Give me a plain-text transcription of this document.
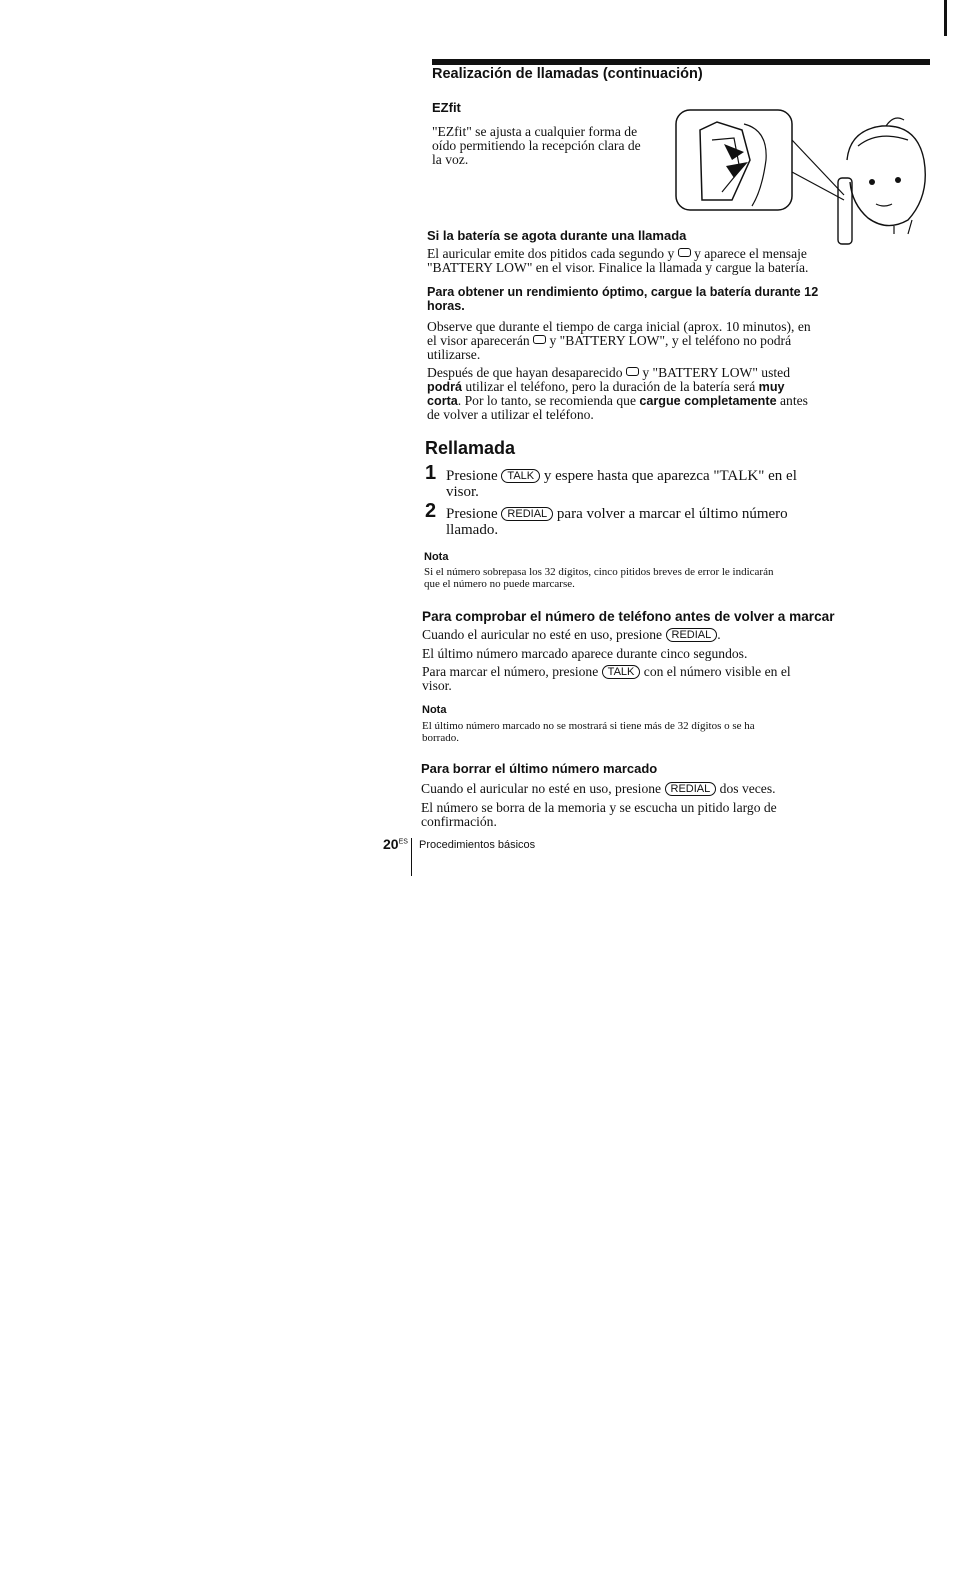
Realización de llamadas (continuación)
EZfit
"EZfit" se ajusta a cualquier forma de
oído permitiendo la recepción clara de
la voz.
Si la batería se agota durante una llamada
El auricular emite dos pitidos cada segundo y y aparece el mensaje
"BATTERY LOW" en el visor. Finalice la llamada y cargue la batería.
Para obtener un rendimiento óptimo, cargue la batería durante 12
horas.
Observe que durante el tiempo de carga inicial (aprox. 10 minutos), en
el visor aparecerán y "BATTERY LOW", y el teléfono no podrá
utilizarse.
Después de que hayan desaparecido y "BATTERY LOW" usted
podrá utilizar el teléfono, pero la duración de la batería será muy
corta. Por lo tanto, se recomienda que cargue completamente antes
de volver a utilizar el teléfono.
Rellamada
1 Presione TALK y espere hasta que aparezca "TALK" en el
visor.
2 Presione REDIAL para volver a marcar el último número
llamado.
Nota
Si el número sobrepasa los 32 dígitos, cinco pitidos breves de error le indicarán
que el número no puede marcarse.
Para comprobar el número de teléfono antes de volver a marcar
Cuando el auricular no esté en uso, presione REDIAL .
El último número marcado aparece durante cinco segundos.
Para marcar el número, presione TALK con el número visible en el
visor.
Nota
El último número marcado no se mostrará si tiene más de 32 dígitos o se ha
borrado.
Para borrar el último número marcado
Cuando el auricular no esté en uso, presione REDIAL dos veces.
El número se borra de la memoria y se escucha un pitido largo de
confirmación.
$20^{ES}$ Procedimientos básicos
